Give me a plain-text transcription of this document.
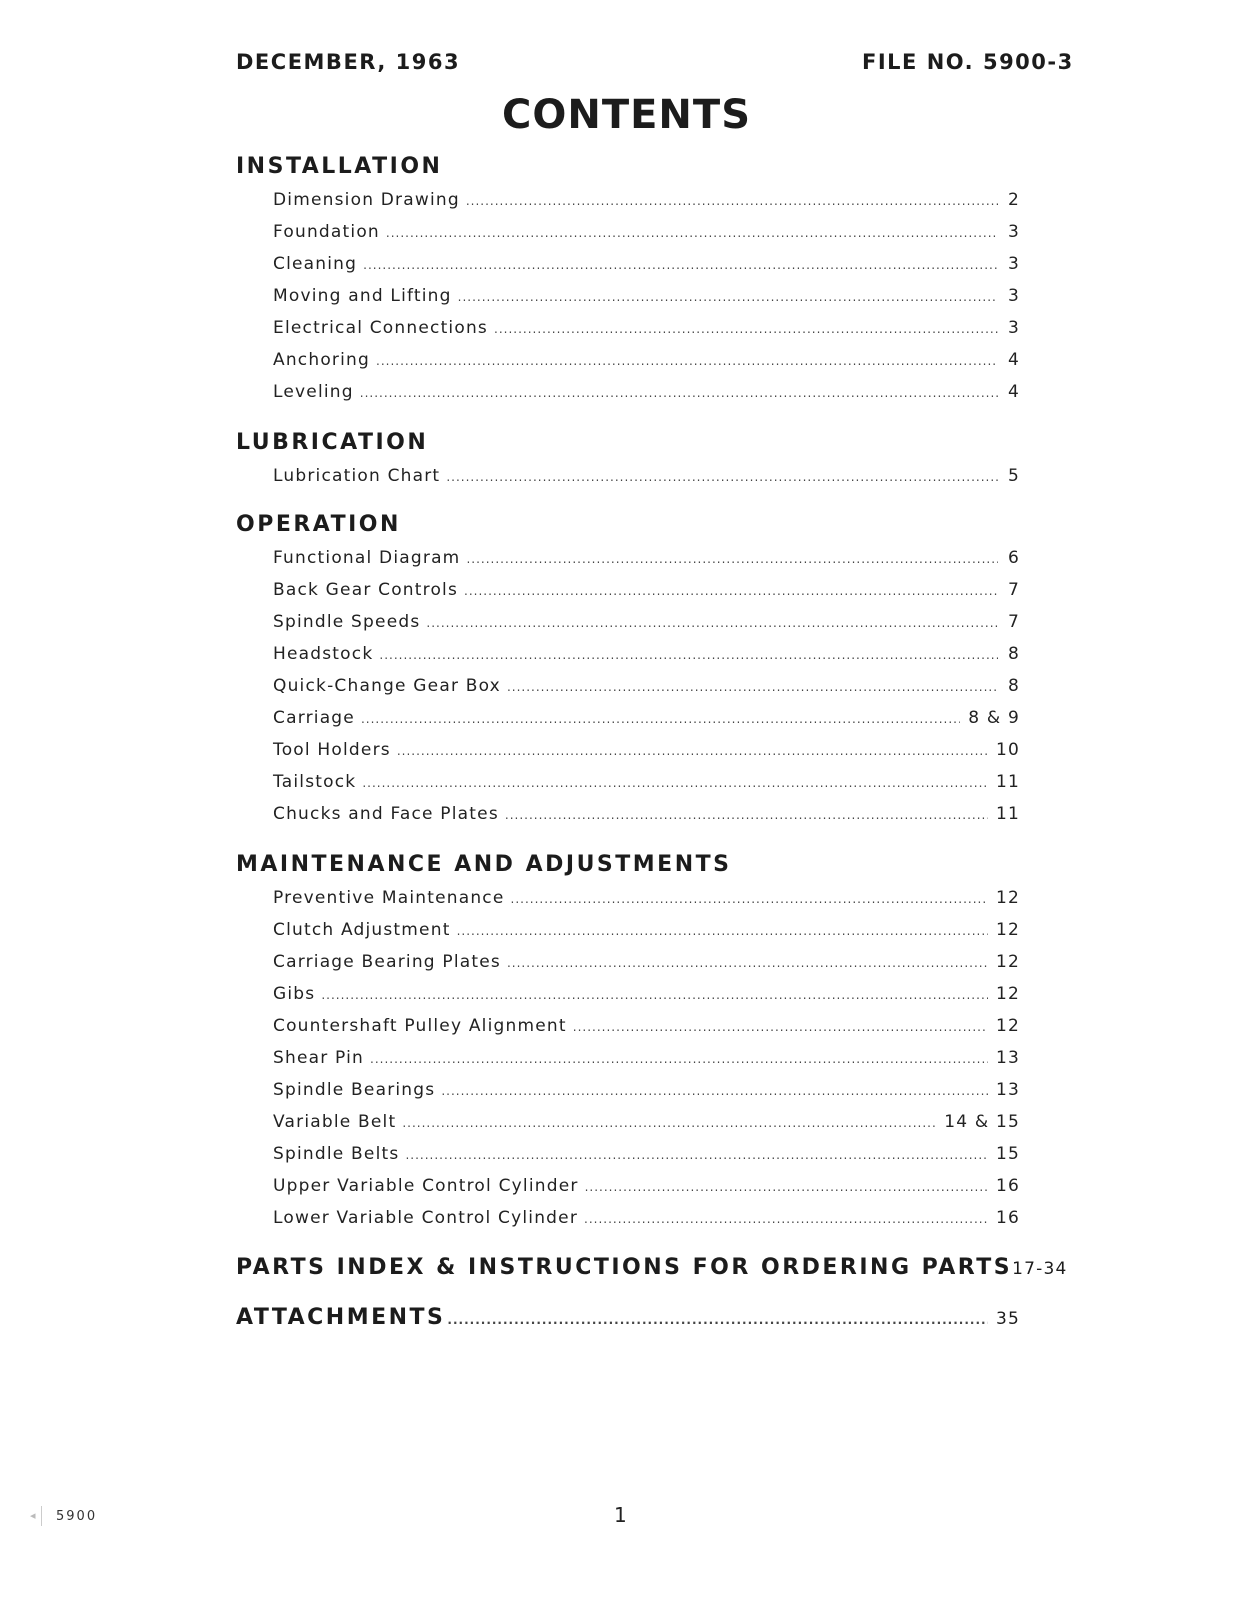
DECEMBER, 1963	FILE NO. 5900-3
CONTENTS
INSTALLATION
Dimension Drawing .....	2
Foundation .....	3
Cleaning .....	3
Moving and Lifting .....	3
Electrical Connections .....	3
Anchoring .....	4
Leveling .....	4
LUBRICATION
Lubrication Chart .....	5
OPERATION
Functional Diagram .....	6
Back Gear Controls .....	7
Spindle Speeds .....	7
Headstock .....	8
Quick-Change Gear Box .....	8
Carriage .....	8 & 9
Tool Holders .....	10
Tailstock .....	11
Chucks and Face Plates .....	11
MAINTENANCE AND ADJUSTMENTS
Preventive Maintenance .....	12
Clutch Adjustment .....	12
Carriage Bearing Plates .....	12
Gibs .....	12
Countershaft Pulley Alignment .....	12
Shear Pin .....	13
Spindle Bearings .....	13
Variable Belt .....	14 & 15
Spindle Belts .....	15
Upper Variable Control Cylinder .....	16
Lower Variable Control Cylinder .....	16
PARTS INDEX & INSTRUCTIONS FOR ORDERING PARTS 17-34
ATTACHMENTS .....	35
◂ 5900	1
